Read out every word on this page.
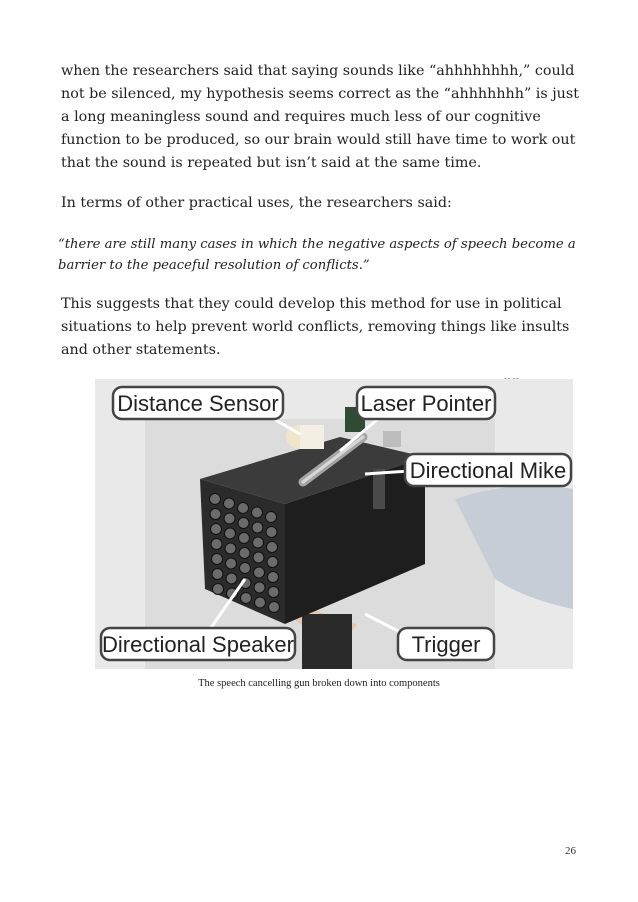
when the researchers said that saying sounds like “ahhhhhhhh,” could not be silenced, my hypothesis seems correct as the “ahhhhhhh” is just a long meaningless sound and requires much less of our cognitive function to be produced, so our brain would still have time to work out that the sound is repeated but isn’t said at the same time.

In terms of other practical uses, the researchers said:

“there are still many cases in which the negative aspects of speech become a barrier to the peaceful resolution of conflicts.”

This suggests that they could develop this method for use in political situations to help prevent world conflicts, removing things like insults and other statements.

Distance Sensor	Laser Pointer
Directional Mike
Directional Speaker	Trigger
The speech cancelling gun broken down into components
26
